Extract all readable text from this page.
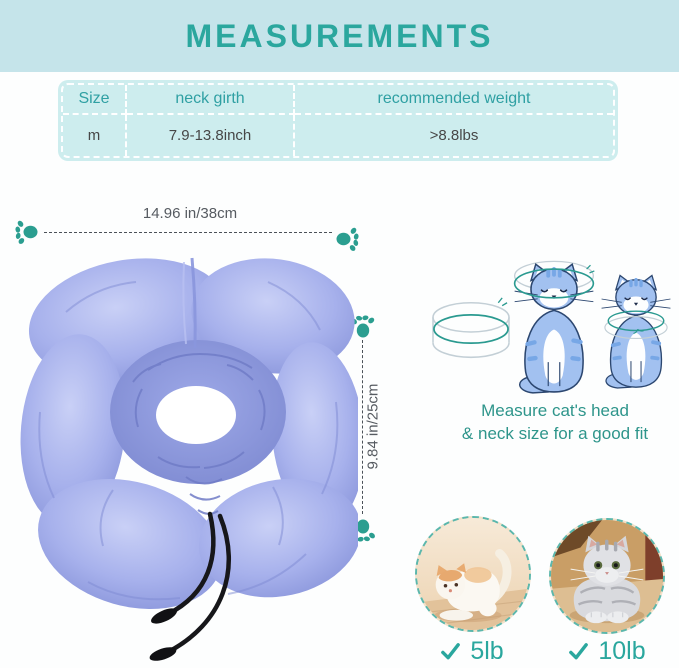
MEASUREMENTS
Size	neck girth	recommended weight
m	7.9-13.8inch	>8.8lbs
14.96 in/38cm
9.84 in/25cm	Measure cat's head
& neck size for a good fit
5lb	10lb
